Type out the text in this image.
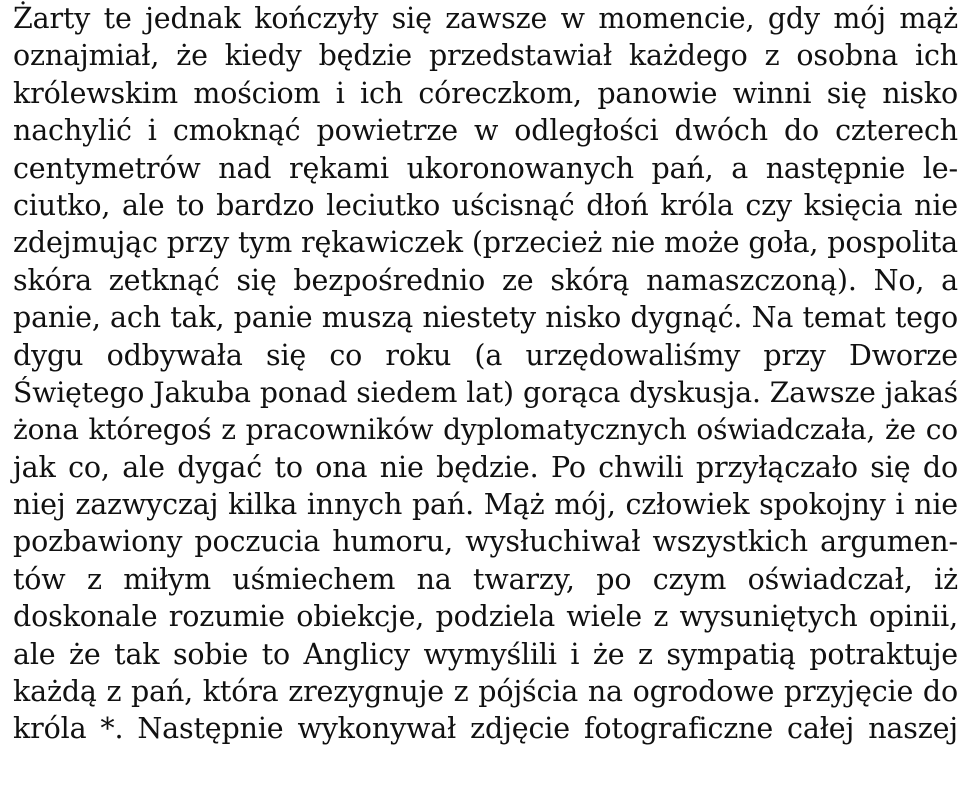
Żarty te jednak kończyły się zawsze w momencie, gdy mój mąż
oznajmiał, że kiedy będzie przedstawiał każdego z osobna ich
królewskim mościom i ich córeczkom, panowie winni się nisko
nachylić i cmoknąć powietrze w odległości dwóch do czterech
centymetrów nad rękami ukoronowanych pań, a następnie le-
ciutko, ale to bardzo leciutko uścisnąć dłoń króla czy księcia nie
zdejmując przy tym rękawiczek (przecież nie może goła, pospolita
skóra zetknąć się bezpośrednio ze skórą namaszczoną). No, a
panie, ach tak, panie muszą niestety nisko dygnąć. Na temat tego
dygu odbywała się co roku (a urzędowaliśmy przy Dworze
Świętego Jakuba ponad siedem lat) gorąca dyskusja. Zawsze jakaś
żona któregoś z pracowników dyplomatycznych oświadczała, że co
jak co, ale dygać to ona nie będzie. Po chwili przyłączało się do
niej zazwyczaj kilka innych pań. Mąż mój, człowiek spokojny i nie
pozbawiony poczucia humoru, wysłuchiwał wszystkich argumen-
tów z miłym uśmiechem na twarzy, po czym oświadczał, iż
doskonale rozumie obiekcje, podziela wiele z wysuniętych opinii,
ale że tak sobie to Anglicy wymyślili i że z sympatią potraktuje
każdą z pań, która zrezygnuje z pójścia na ogrodowe przyjęcie do
króla *. Następnie wykonywał zdjęcie fotograficzne całej naszej
